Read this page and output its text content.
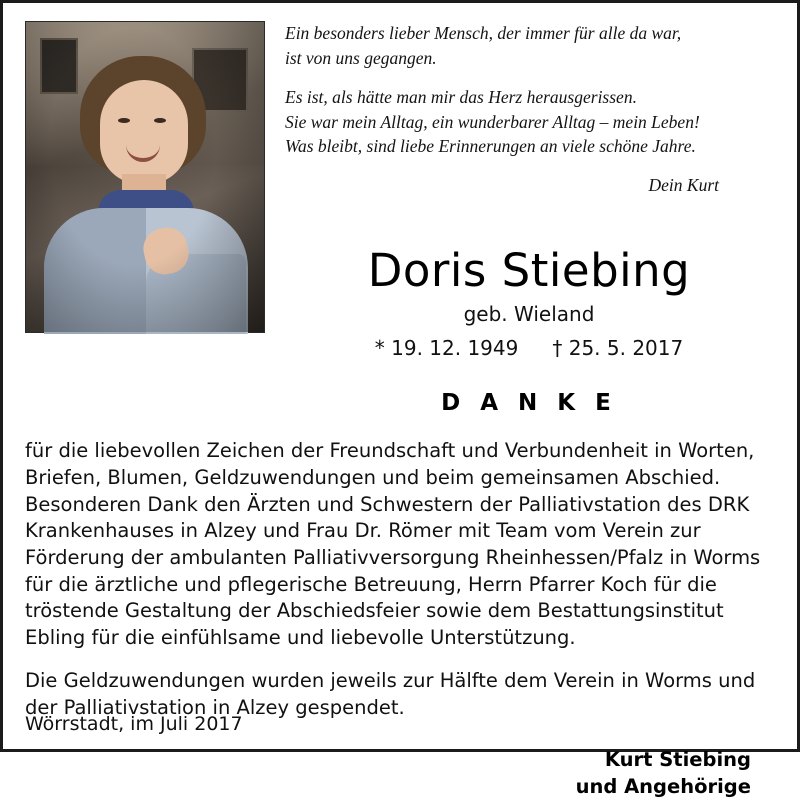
Ein besonders lieber Mensch, der immer für alle da war,
ist von uns gegangen.

Es ist, als hätte man mir das Herz herausgerissen.
Sie war mein Alltag, ein wunderbarer Alltag – mein Leben!
Was bleibt, sind liebe Erinnerungen an viele schöne Jahre.

Dein Kurt

Doris Stiebing
geb. Wieland
* 19. 12. 1949 † 25. 5. 2017
D A N K E

für die liebevollen Zeichen der Freundschaft und Verbundenheit in Worten, Briefen, Blumen, Geldzuwendungen und beim gemeinsamen Abschied. Besonderen Dank den Ärzten und Schwestern der Palliativstation des DRK Krankenhauses in Alzey und Frau Dr. Römer mit Team vom Verein zur Förderung der ambulanten Palliativversorgung Rheinhessen/Pfalz in Worms für die ärztliche und pflegerische Betreuung, Herrn Pfarrer Koch für die tröstende Gestaltung der Abschiedsfeier sowie dem Bestattungsinstitut Ebling für die einfühlsame und liebevolle Unterstützung.

Die Geldzuwendungen wurden jeweils zur Hälfte dem Verein in Worms und der Palliativstation in Alzey gespendet.

Kurt Stiebing
und Angehörige
Wörrstadt, im Juli 2017
